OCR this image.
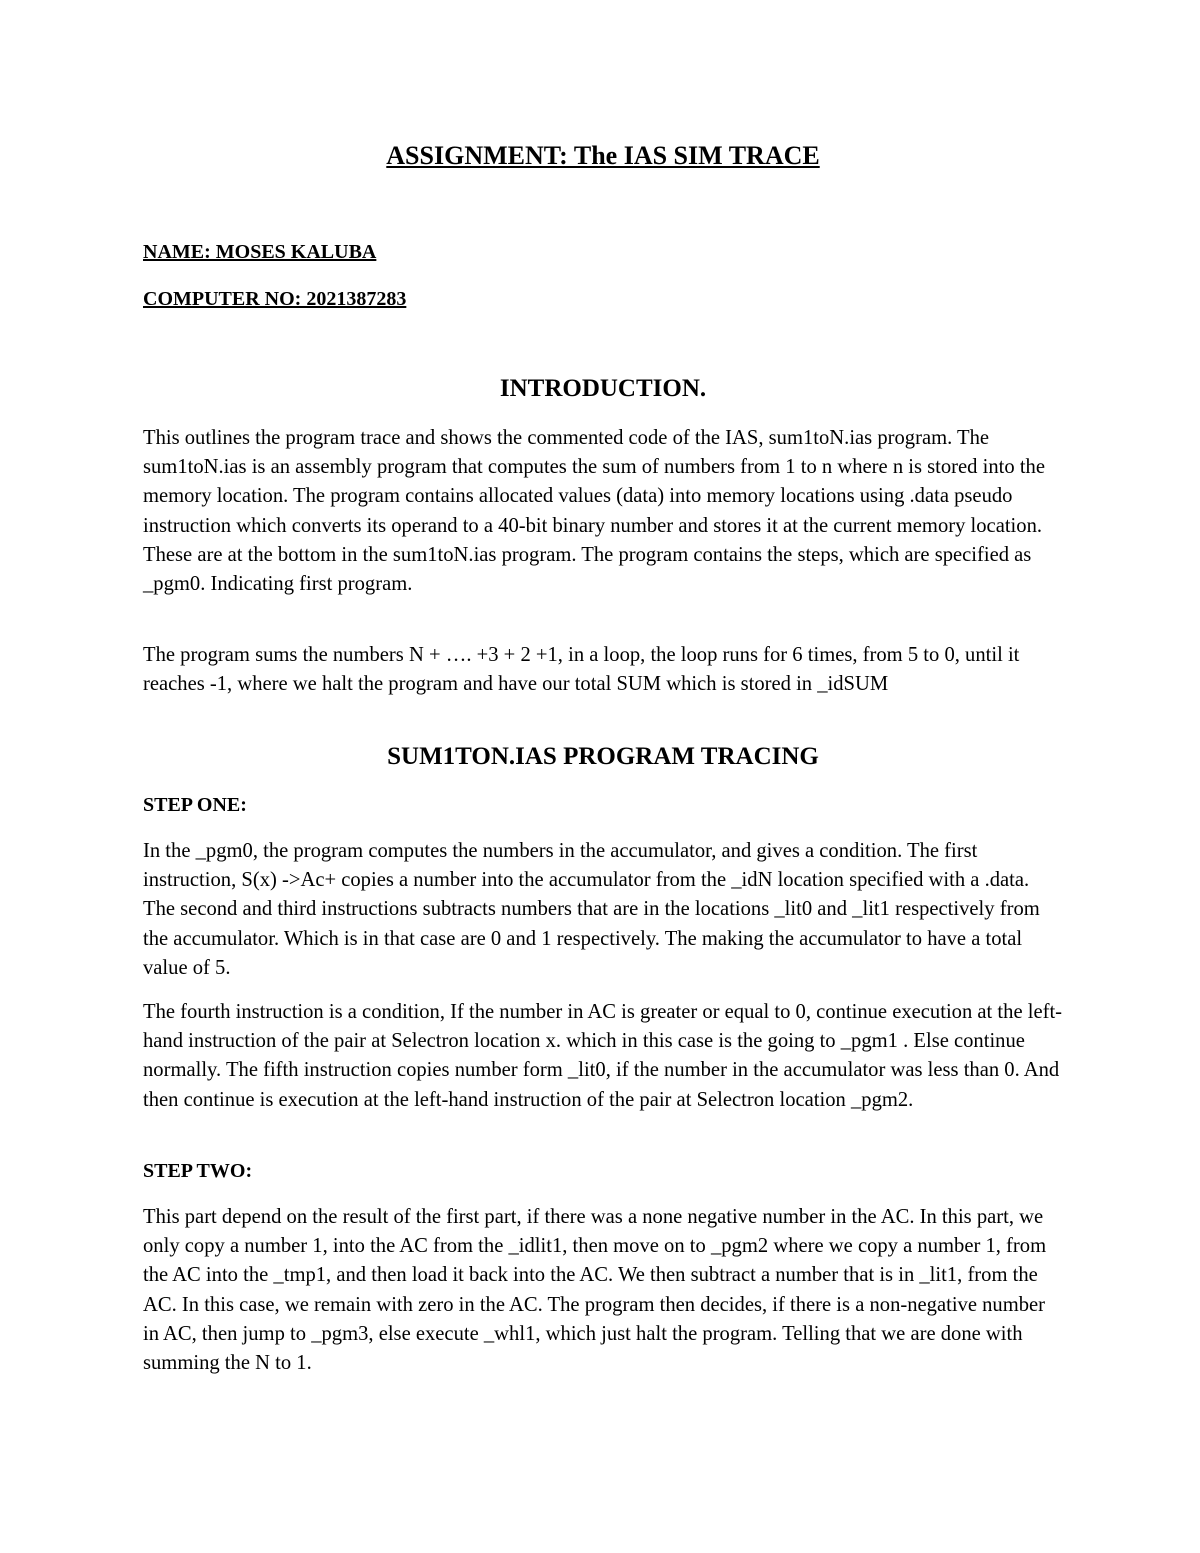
ASSIGNMENT: The IAS SIM TRACE

NAME: MOSES KALUBA

COMPUTER NO: 2021387283

INTRODUCTION.

This outlines the program trace and shows the commented code of the IAS, sum1toN.ias program. The sum1toN.ias is an assembly program that computes the sum of numbers from 1 to n where n is stored into the memory location. The program contains allocated values (data) into memory locations using .data pseudo instruction which converts its operand to a 40-bit binary number and stores it at the current memory location. These are at the bottom in the sum1toN.ias program. The program contains the steps, which are specified as _pgm0. Indicating first program.

The program sums the numbers N + …. +3 + 2 +1, in a loop, the loop runs for 6 times, from 5 to 0, until it reaches -1, where we halt the program and have our total SUM which is stored in _idSUM

SUM1TON.IAS PROGRAM TRACING
STEP ONE:

In the _pgm0, the program computes the numbers in the accumulator, and gives a condition. The first instruction, S(x) ->Ac+ copies a number into the accumulator from the _idN location specified with a .data. The second and third instructions subtracts numbers that are in the locations _lit0 and _lit1 respectively from the accumulator. Which is in that case are 0 and 1 respectively. The making the accumulator to have a total value of 5.

The fourth instruction is a condition, If the number in AC is greater or equal to 0, continue execution at the left-hand instruction of the pair at Selectron location x. which in this case is the going to _pgm1 . Else continue normally. The fifth instruction copies number form _lit0, if the number in the accumulator was less than 0. And then continue is execution at the left-hand instruction of the pair at Selectron location _pgm2.

STEP TWO:

This part depend on the result of the first part, if there was a none negative number in the AC. In this part, we only copy a number 1, into the AC from the _idlit1, then move on to _pgm2 where we copy a number 1, from the AC into the _tmp1, and then load it back into the AC. We then subtract a number that is in _lit1, from the AC. In this case, we remain with zero in the AC. The program then decides, if there is a non-negative number in AC, then jump to _pgm3, else execute _whl1, which just halt the program. Telling that we are done with summing the N to 1.
